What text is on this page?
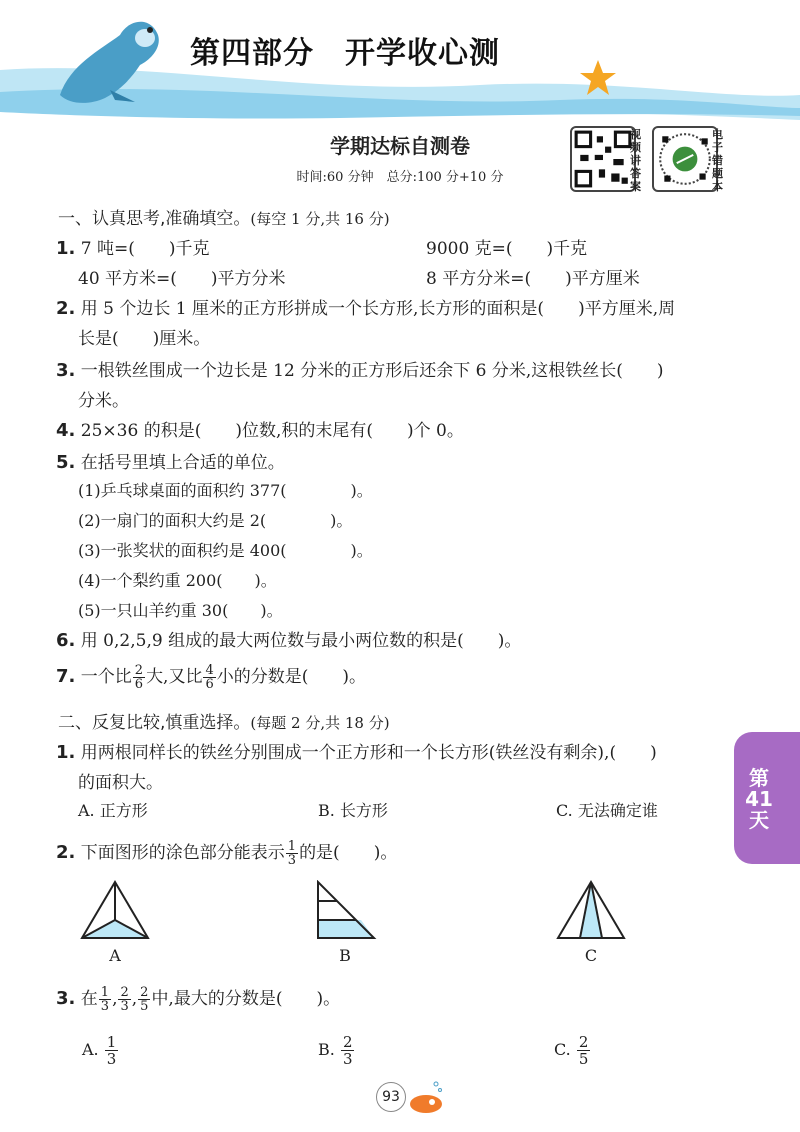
第四部分　开学收心测
学期达标自测卷
时间:60 分钟　总分:100 分+10 分
视频讲答案
电子错题本
一、认真思考,准确填空。(每空 1 分,共 16 分)
1. 7 吨=(　　)千克	9000 克=(　　)千克
40 平方米=(　　)平方分米	8 平方分米=(　　)平方厘米
2. 用 5 个边长 1 厘米的正方形拼成一个长方形,长方形的面积是(　　)平方厘米,周
长是(　　)厘米。
3. 一根铁丝围成一个边长是 12 分米的正方形后还余下 6 分米,这根铁丝长(　　)
分米。
4. 25×36 的积是(　　)位数,积的末尾有(　　)个 0。
5. 在括号里填上合适的单位。
(1)乒乓球桌面的面积约 377(　　　　)。
(2)一扇门的面积大约是 2(　　　　)。
(3)一张奖状的面积约是 400(　　　　)。
(4)一个梨约重 200(　　)。
(5)一只山羊约重 30(　　)。
6. 用 0,2,5,9 组成的最大两位数与最小两位数的积是(　　)。
7. 一个比 $\frac{2}{6}$ 大,又比 $\frac{4}{6}$ 小的分数是(　　)。
二、反复比较,慎重选择。(每题 2 分,共 18 分)
1. 用两根同样长的铁丝分别围成一个正方形和一个长方形(铁丝没有剩余),(　　)
的面积大。
A. 正方形	B. 长方形	C. 无法确定谁
2. 下面图形的涂色部分能表示 $\frac{1}{3}$ 的是(　　)。
A	B	C
3. 在 $\frac{1}{3}$ , $\frac{2}{3}$ , $\frac{2}{5}$ 中,最大的分数是(　　)。
A. $\frac{1}{3}$	B. $\frac{2}{3}$	C. $\frac{2}{5}$
第41天
93
